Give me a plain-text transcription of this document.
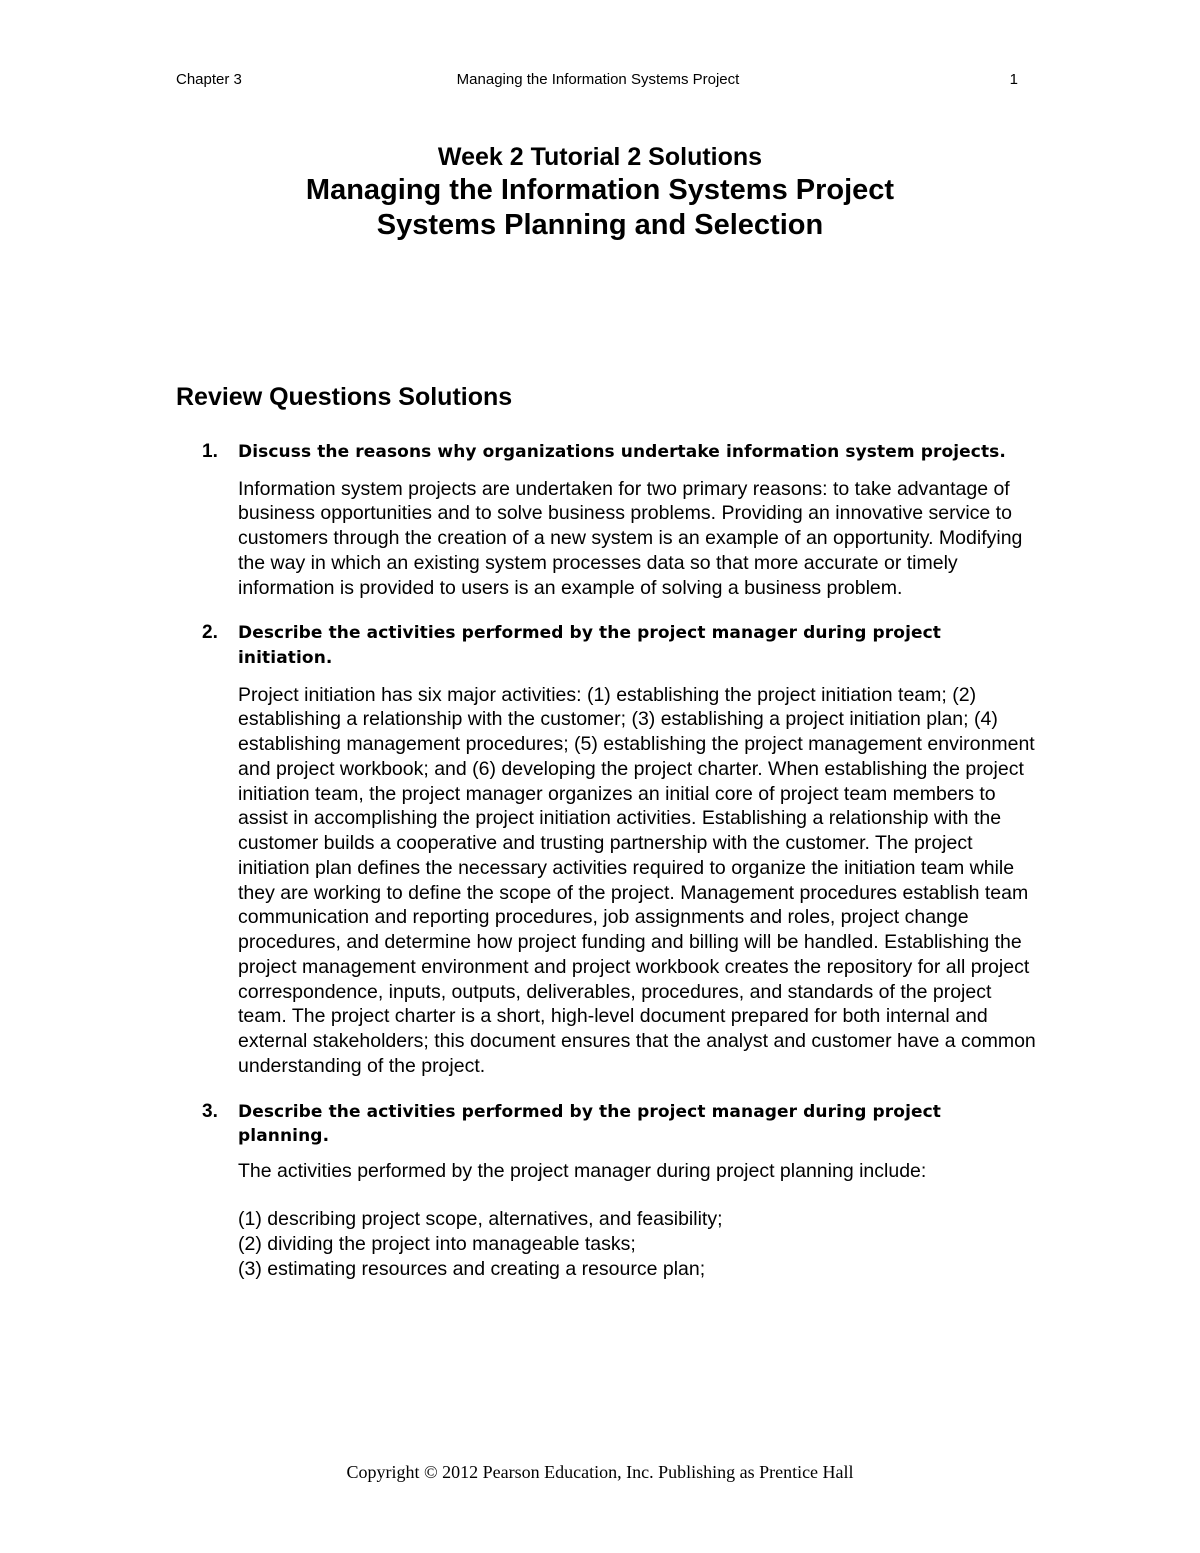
Chapter 3	Managing the Information Systems Project	1
Week 2 Tutorial 2 Solutions
Managing the Information Systems Project
Systems Planning and Selection
Review Questions Solutions
1. Discuss the reasons why organizations undertake information system projects.
Information system projects are undertaken for two primary reasons: to take advantage of business opportunities and to solve business problems. Providing an innovative service to customers through the creation of a new system is an example of an opportunity. Modifying the way in which an existing system processes data so that more accurate or timely information is provided to users is an example of solving a business problem.
2. Describe the activities performed by the project manager during project initiation.
Project initiation has six major activities: (1) establishing the project initiation team; (2) establishing a relationship with the customer; (3) establishing a project initiation plan; (4) establishing management procedures; (5) establishing the project management environment and project workbook; and (6) developing the project charter. When establishing the project initiation team, the project manager organizes an initial core of project team members to assist in accomplishing the project initiation activities. Establishing a relationship with the customer builds a cooperative and trusting partnership with the customer. The project initiation plan defines the necessary activities required to organize the initiation team while they are working to define the scope of the project. Management procedures establish team communication and reporting procedures, job assignments and roles, project change procedures, and determine how project funding and billing will be handled. Establishing the project management environment and project workbook creates the repository for all project correspondence, inputs, outputs, deliverables, procedures, and standards of the project team. The project charter is a short, high-level document prepared for both internal and external stakeholders; this document ensures that the analyst and customer have a common understanding of the project.
3. Describe the activities performed by the project manager during project planning.
The activities performed by the project manager during project planning include:
(1) describing project scope, alternatives, and feasibility;
(2) dividing the project into manageable tasks;
(3) estimating resources and creating a resource plan;
Copyright © 2012 Pearson Education, Inc. Publishing as Prentice Hall
